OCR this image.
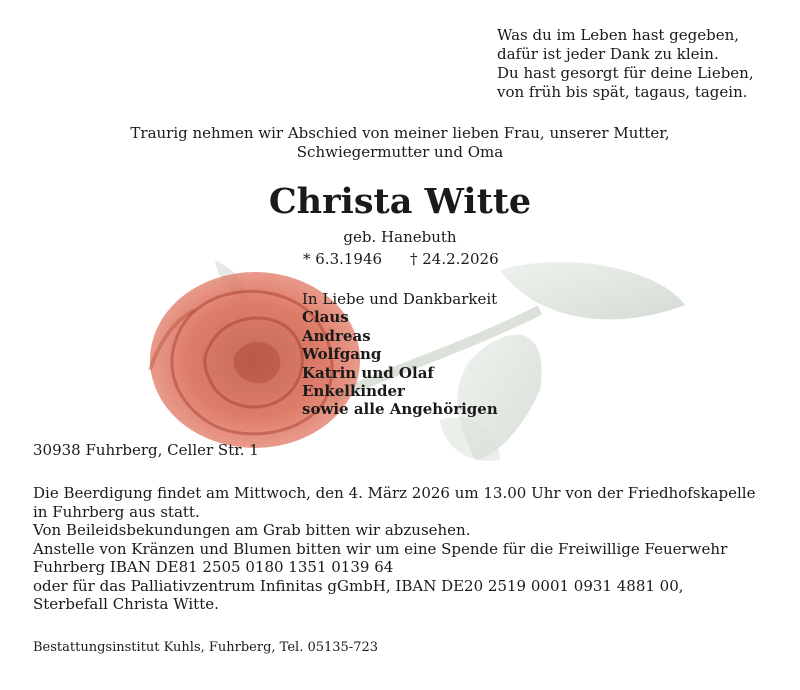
Was du im Leben hast gegeben,
dafür ist jeder Dank zu klein.
Du hast gesorgt für deine Lieben,
von früh bis spät, tagaus, tagein.
Traurig nehmen wir Abschied von meiner lieben Frau, unserer Mutter,
Schwiegermutter und Oma
Christa Witte
geb. Hanebuth
* 6.3.1946 † 24.2.2026
In Liebe und Dankbarkeit
Claus
Andreas
Wolfgang
Katrin und Olaf
Enkelkinder
sowie alle Angehörigen
30938 Fuhrberg, Celler Str. 1
Die Beerdigung findet am Mittwoch, den 4. März 2026 um 13.00 Uhr von der Friedhofskapelle
in Fuhrberg aus statt.
Von Beileidsbekundungen am Grab bitten wir abzusehen.
Anstelle von Kränzen und Blumen bitten wir um eine Spende für die Freiwillige Feuerwehr
Fuhrberg IBAN DE81 2505 0180 1351 0139 64
oder für das Palliativzentrum Infinitas gGmbH, IBAN DE20 2519 0001 0931 4881 00,
Sterbefall Christa Witte.
Bestattungsinstitut Kuhls, Fuhrberg, Tel. 05135-723
